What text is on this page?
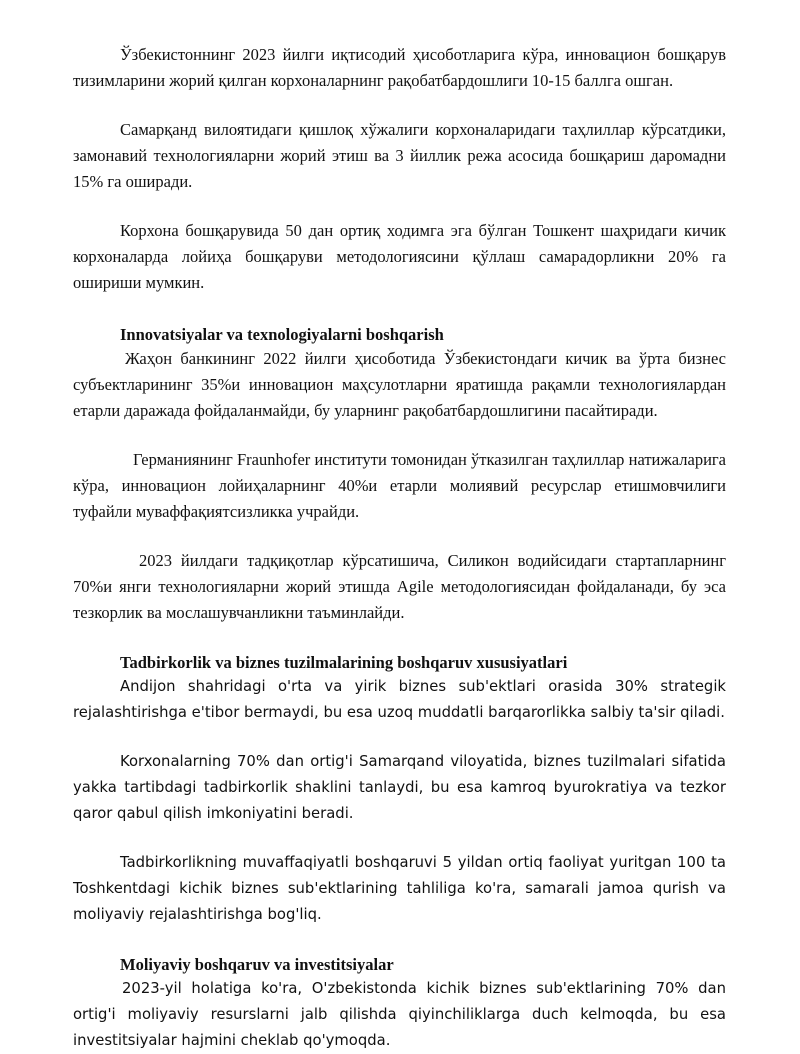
Ўзбекистоннинг 2023 йилги иқтисодий ҳисоботларига кўра, инновацион бошқарув тизимларини жорий қилган корхоналарнинг рақобатбардошлиги 10-15 баллга ошган.

Самарқанд вилоятидаги қишлоқ хўжалиги корхоналаридаги таҳлиллар кўрсатдики, замонавий технологияларни жорий этиш ва 3 йиллик режа асосида бошқариш даромадни 15% га оширади.

Корхона бошқарувида 50 дан ортиқ ходимга эга бўлган Тошкент шаҳридаги кичик корхоналарда лойиҳа бошқаруви методологиясини қўллаш самарадорликни 20% га ошириши мумкин.

Innovatsiyalar va texnologiyalarni boshqarish

Жаҳон банкининг 2022 йилги ҳисоботида Ўзбекистондаги кичик ва ўрта бизнес субъектларининг 35%и инновацион маҳсулотларни яратишда рақамли технологиялардан етарли даражада фойдаланмайди, бу уларнинг рақобатбардошлигини пасайтиради.

Германиянинг Fraunhofer институти томонидан ўтказилган таҳлиллар натижаларига кўра, инновацион лойиҳаларнинг 40%и етарли молиявий ресурслар етишмовчилиги туфайли муваффақиятсизликка учрайди.

2023 йилдаги тадқиқотлар кўрсатишича, Силикон водийсидаги стартапларнинг 70%и янги технологияларни жорий этишда Agile методологиясидан фойдаланади, бу эса тезкорлик ва мослашувчанликни таъминлайди.

Tadbirkorlik va biznes tuzilmalarining boshqaruv xususiyatlari

Andijon shahridagi o'rta va yirik biznes sub'ektlari orasida 30% strategik rejalashtirishga e'tibor bermaydi, bu esa uzoq muddatli barqarorlikka salbiy ta'sir qiladi.

Korxonalarning 70% dan ortig'i Samarqand viloyatida, biznes tuzilmalari sifatida yakka tartibdagi tadbirkorlik shaklini tanlaydi, bu esa kamroq byurokratiya va tezkor qaror qabul qilish imkoniyatini beradi.

Tadbirkorlikning muvaffaqiyatli boshqaruvi 5 yildan ortiq faoliyat yuritgan 100 ta Toshkentdagi kichik biznes sub'ektlarining tahliliga ko'ra, samarali jamoa qurish va moliyaviy rejalashtirishga bog'liq.

Moliyaviy boshqaruv va investitsiyalar

2023-yil holatiga ko'ra, O'zbekistonda kichik biznes sub'ektlarining 70% dan ortig'i moliyaviy resurslarni jalb qilishda qiyinchiliklarga duch kelmoqda, bu esa investitsiyalar hajmini cheklab qo'ymoqda.
